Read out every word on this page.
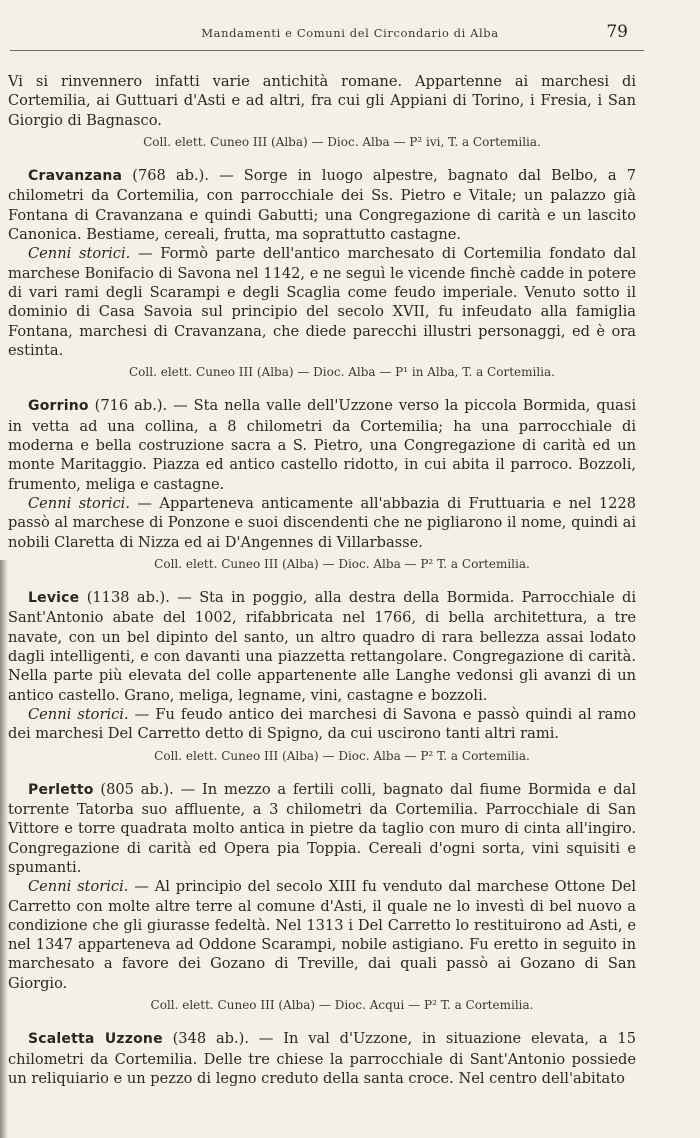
Mandamenti e Comuni del Circondario di Alba	79

Vi si rinvennero infatti varie antichità romane. Appartenne ai marchesi di Cortemilia, ai Guttuari d'Asti e ad altri, fra cui gli Appiani di Torino, i Fresia, i San Giorgio di Bagnasco.

Coll. elett. Cuneo III (Alba) — Dioc. Alba — P² ivi, T. a Cortemilia.

Cravanzana (768 ab.). — Sorge in luogo alpestre, bagnato dal Belbo, a 7 chilometri da Cortemilia, con parrocchiale dei Ss. Pietro e Vitale; un palazzo già Fontana di Cravanzana e quindi Gabutti; una Congregazione di carità e un lascito Canonica. Bestiame, cereali, frutta, ma soprattutto castagne.

Cenni storici. — Formò parte dell'antico marchesato di Cortemilia fondato dal marchese Bonifacio di Savona nel 1142, e ne seguì le vicende finchè cadde in potere di vari rami degli Scarampi e degli Scaglia come feudo imperiale. Venuto sotto il dominio di Casa Savoia sul principio del secolo XVII, fu infeudato alla famiglia Fontana, marchesi di Cravanzana, che diede parecchi illustri personaggi, ed è ora estinta.

Coll. elett. Cuneo III (Alba) — Dioc. Alba — P¹ in Alba, T. a Cortemilia.

Gorrino (716 ab.). — Sta nella valle dell'Uzzone verso la piccola Bormida, quasi in vetta ad una collina, a 8 chilometri da Cortemilia; ha una parrocchiale di moderna e bella costruzione sacra a S. Pietro, una Congregazione di carità ed un monte Maritaggio. Piazza ed antico castello ridotto, in cui abita il parroco. Bozzoli, frumento, meliga e castagne.

Cenni storici. — Apparteneva anticamente all'abbazia di Fruttuaria e nel 1228 passò al marchese di Ponzone e suoi discendenti che ne pigliarono il nome, quindi ai nobili Claretta di Nizza ed ai D'Angennes di Villarbasse.

Coll. elett. Cuneo III (Alba) — Dioc. Alba — P² T. a Cortemilia.

Levice (1138 ab.). — Sta in poggio, alla destra della Bormida. Parrocchiale di Sant'Antonio abate del 1002, rifabbricata nel 1766, di bella architettura, a tre navate, con un bel dipinto del santo, un altro quadro di rara bellezza assai lodato dagli intelligenti, e con davanti una piazzetta rettangolare. Congregazione di carità. Nella parte più elevata del colle appartenente alle Langhe vedonsi gli avanzi di un antico castello. Grano, meliga, legname, vini, castagne e bozzoli.

Cenni storici. — Fu feudo antico dei marchesi di Savona e passò quindi al ramo dei marchesi Del Carretto detto di Spigno, da cui uscirono tanti altri rami.

Coll. elett. Cuneo III (Alba) — Dioc. Alba — P² T. a Cortemilia.

Perletto (805 ab.). — In mezzo a fertili colli, bagnato dal fiume Bormida e dal torrente Tatorba suo affluente, a 3 chilometri da Cortemilia. Parrocchiale di San Vittore e torre quadrata molto antica in pietre da taglio con muro di cinta all'ingiro. Congregazione di carità ed Opera pia Toppia. Cereali d'ogni sorta, vini squisiti e spumanti.

Cenni storici. — Al principio del secolo XIII fu venduto dal marchese Ottone Del Carretto con molte altre terre al comune d'Asti, il quale ne lo investì di bel nuovo a condizione che gli giurasse fedeltà. Nel 1313 i Del Carretto lo restituirono ad Asti, e nel 1347 apparteneva ad Oddone Scarampi, nobile astigiano. Fu eretto in seguito in marchesato a favore dei Gozano di Treville, dai quali passò ai Gozano di San Giorgio.

Coll. elett. Cuneo III (Alba) — Dioc. Acqui — P² T. a Cortemilia.

Scaletta Uzzone (348 ab.). — In val d'Uzzone, in situazione elevata, a 15 chilometri da Cortemilia. Delle tre chiese la parrocchiale di Sant'Antonio possiede un reliquiario e un pezzo di legno creduto della santa croce. Nel centro dell'abitato
